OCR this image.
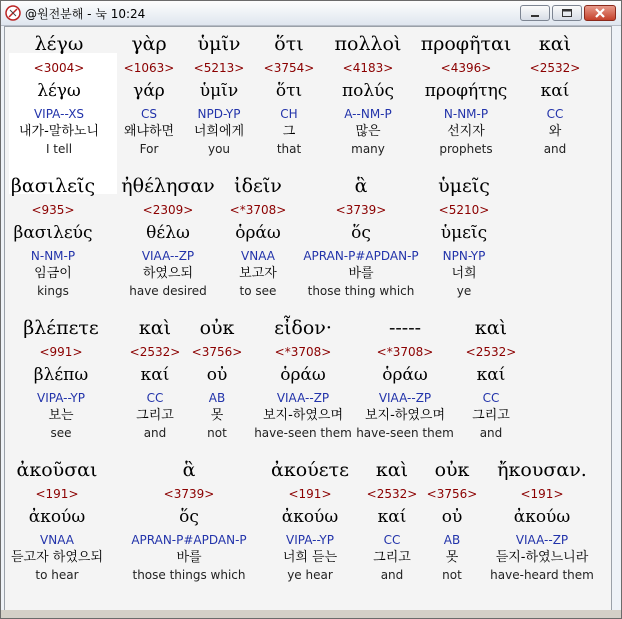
@원전분해 - 눅 10:24
λέγω
<3004>
λέγω
VIPA--XS
내가-말하노니
I tell
γὰρ
<1063>
γάρ
CS
왜냐하면
For
ὑμῖν
<5213>
ὑμῖν
NPD-YP
너희에게
you
ὅτι
<3754>
ὅτι
CH
그
that
πολλοὶ
<4183>
πολύς
A--NM-P
많은
many
προφῆται
<4396>
προφήτης
N-NM-P
선지자
prophets
καὶ
<2532>
καί
CC
와
and
βασιλεῖς
<935>
βασιλεύς
N-NM-P
임금이
kings
ἠθέλησαν
<2309>
θέλω
VIAA--ZP
하였으되
have desired
ἰδεῖν
<*3708>
ὁράω
VNAA
보고자
to see
ἃ
<3739>
ὅς
APRAN-P#APDAN-P
바를
those thing which
ὑμεῖς
<5210>
ὑμεῖς
NPN-YP
너희
ye
βλέπετε
<991>
βλέπω
VIPA--YP
보는
see
καὶ
<2532>
καί
CC
그리고
and
οὐκ
<3756>
οὐ
AB
못
not
εἶδον·
<*3708>
ὁράω
VIAA--ZP
보지-하였으며
have-seen them
-----
<*3708>
ὁράω
VIAA--ZP
보지-하였으며
have-seen them
καὶ
<2532>
καί
CC
그리고
and
ἀκοῦσαι
<191>
ἀκούω
VNAA
듣고자 하였으되
to hear
ἃ
<3739>
ὅς
APRAN-P#APDAN-P
바를
those things which
ἀκούετε
<191>
ἀκούω
VIPA--YP
너희 듣는
ye hear
καὶ
<2532>
καί
CC
그리고
and
οὐκ
<3756>
οὐ
AB
못
not
ἤκουσαν.
<191>
ἀκούω
VIAA--ZP
듣지-하였느니라
have-heard them
